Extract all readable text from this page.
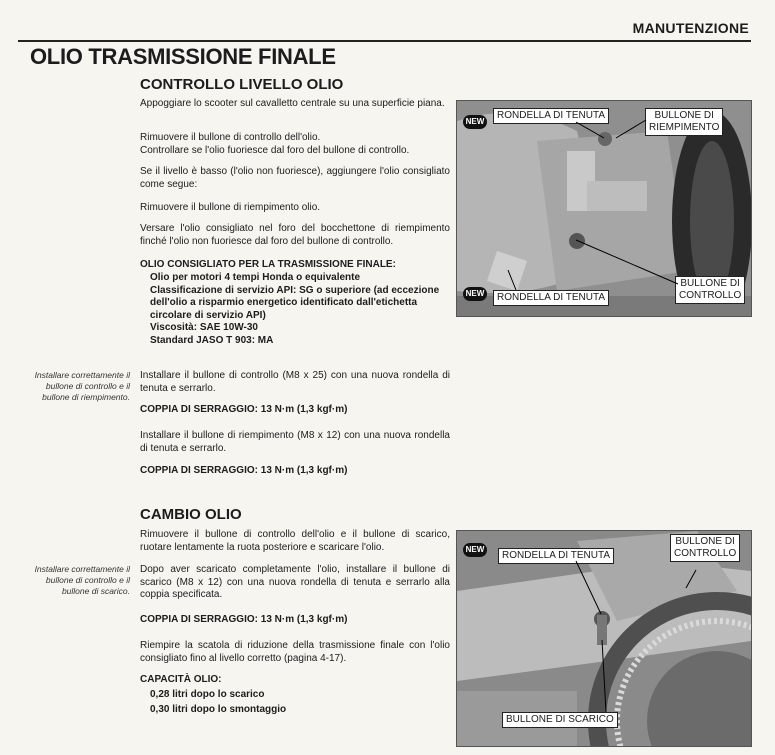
MANUTENZIONE
OLIO TRASMISSIONE FINALE
CONTROLLO LIVELLO OLIO
Appoggiare lo scooter sul cavalletto centrale su una superficie piana.
Rimuovere il bullone di controllo dell'olio.
Controllare se l'olio fuoriesce dal foro del bullone di controllo.
Se il livello è basso (l'olio non fuoriesce), aggiungere l'olio consigliato come segue:
Rimuovere il bullone di riempimento olio.
Versare l'olio consigliato nel foro del bocchettone di riempimento finché l'olio non fuoriesce dal foro del bullone di controllo.
OLIO CONSIGLIATO PER LA TRASMISSIONE FINALE:
Olio per motori 4 tempi Honda o equivalente
Classificazione di servizio API: SG o superiore (ad eccezione dell'olio a risparmio energetico identificato dall'etichetta circolare di servizio API)
Viscosità: SAE 10W-30
Standard JASO T 903: MA
Installare correttamente il bullone di controllo e il bullone di riempimento.
Installare il bullone di controllo (M8 x 25) con una nuova rondella di tenuta e serrarlo.
COPPIA DI SERRAGGIO: 13 N·m (1,3 kgf·m)
Installare il bullone di riempimento (M8 x 12) con una nuova rondella di tenuta e serrarlo.
COPPIA DI SERRAGGIO: 13 N·m (1,3 kgf·m)
CAMBIO OLIO
Rimuovere il bullone di controllo dell'olio e il bullone di scarico, ruotare lentamente la ruota posteriore e scaricare l'olio.
Installare correttamente il bullone di controllo e il bullone di scarico.
Dopo aver scaricato completamente l'olio, installare il bullone di scarico (M8 x 12) con una nuova rondella di tenuta e serrarlo alla coppia specificata.
COPPIA DI SERRAGGIO: 13 N·m (1,3 kgf·m)
Riempire la scatola di riduzione della trasmissione finale con l'olio consigliato fino al livello corretto (pagina 4-17).
CAPACITÀ OLIO:
0,28 litri dopo lo scarico
0,30 litri dopo lo smontaggio
NEW
RONDELLA DI TENUTA	BULLONE DI
RIEMPIMENTO
NEW	RONDELLA DI TENUTA
BULLONE DI
CONTROLLO
NEW
RONDELLA DI TENUTA
BULLONE DI
CONTROLLO
BULLONE DI SCARICO
